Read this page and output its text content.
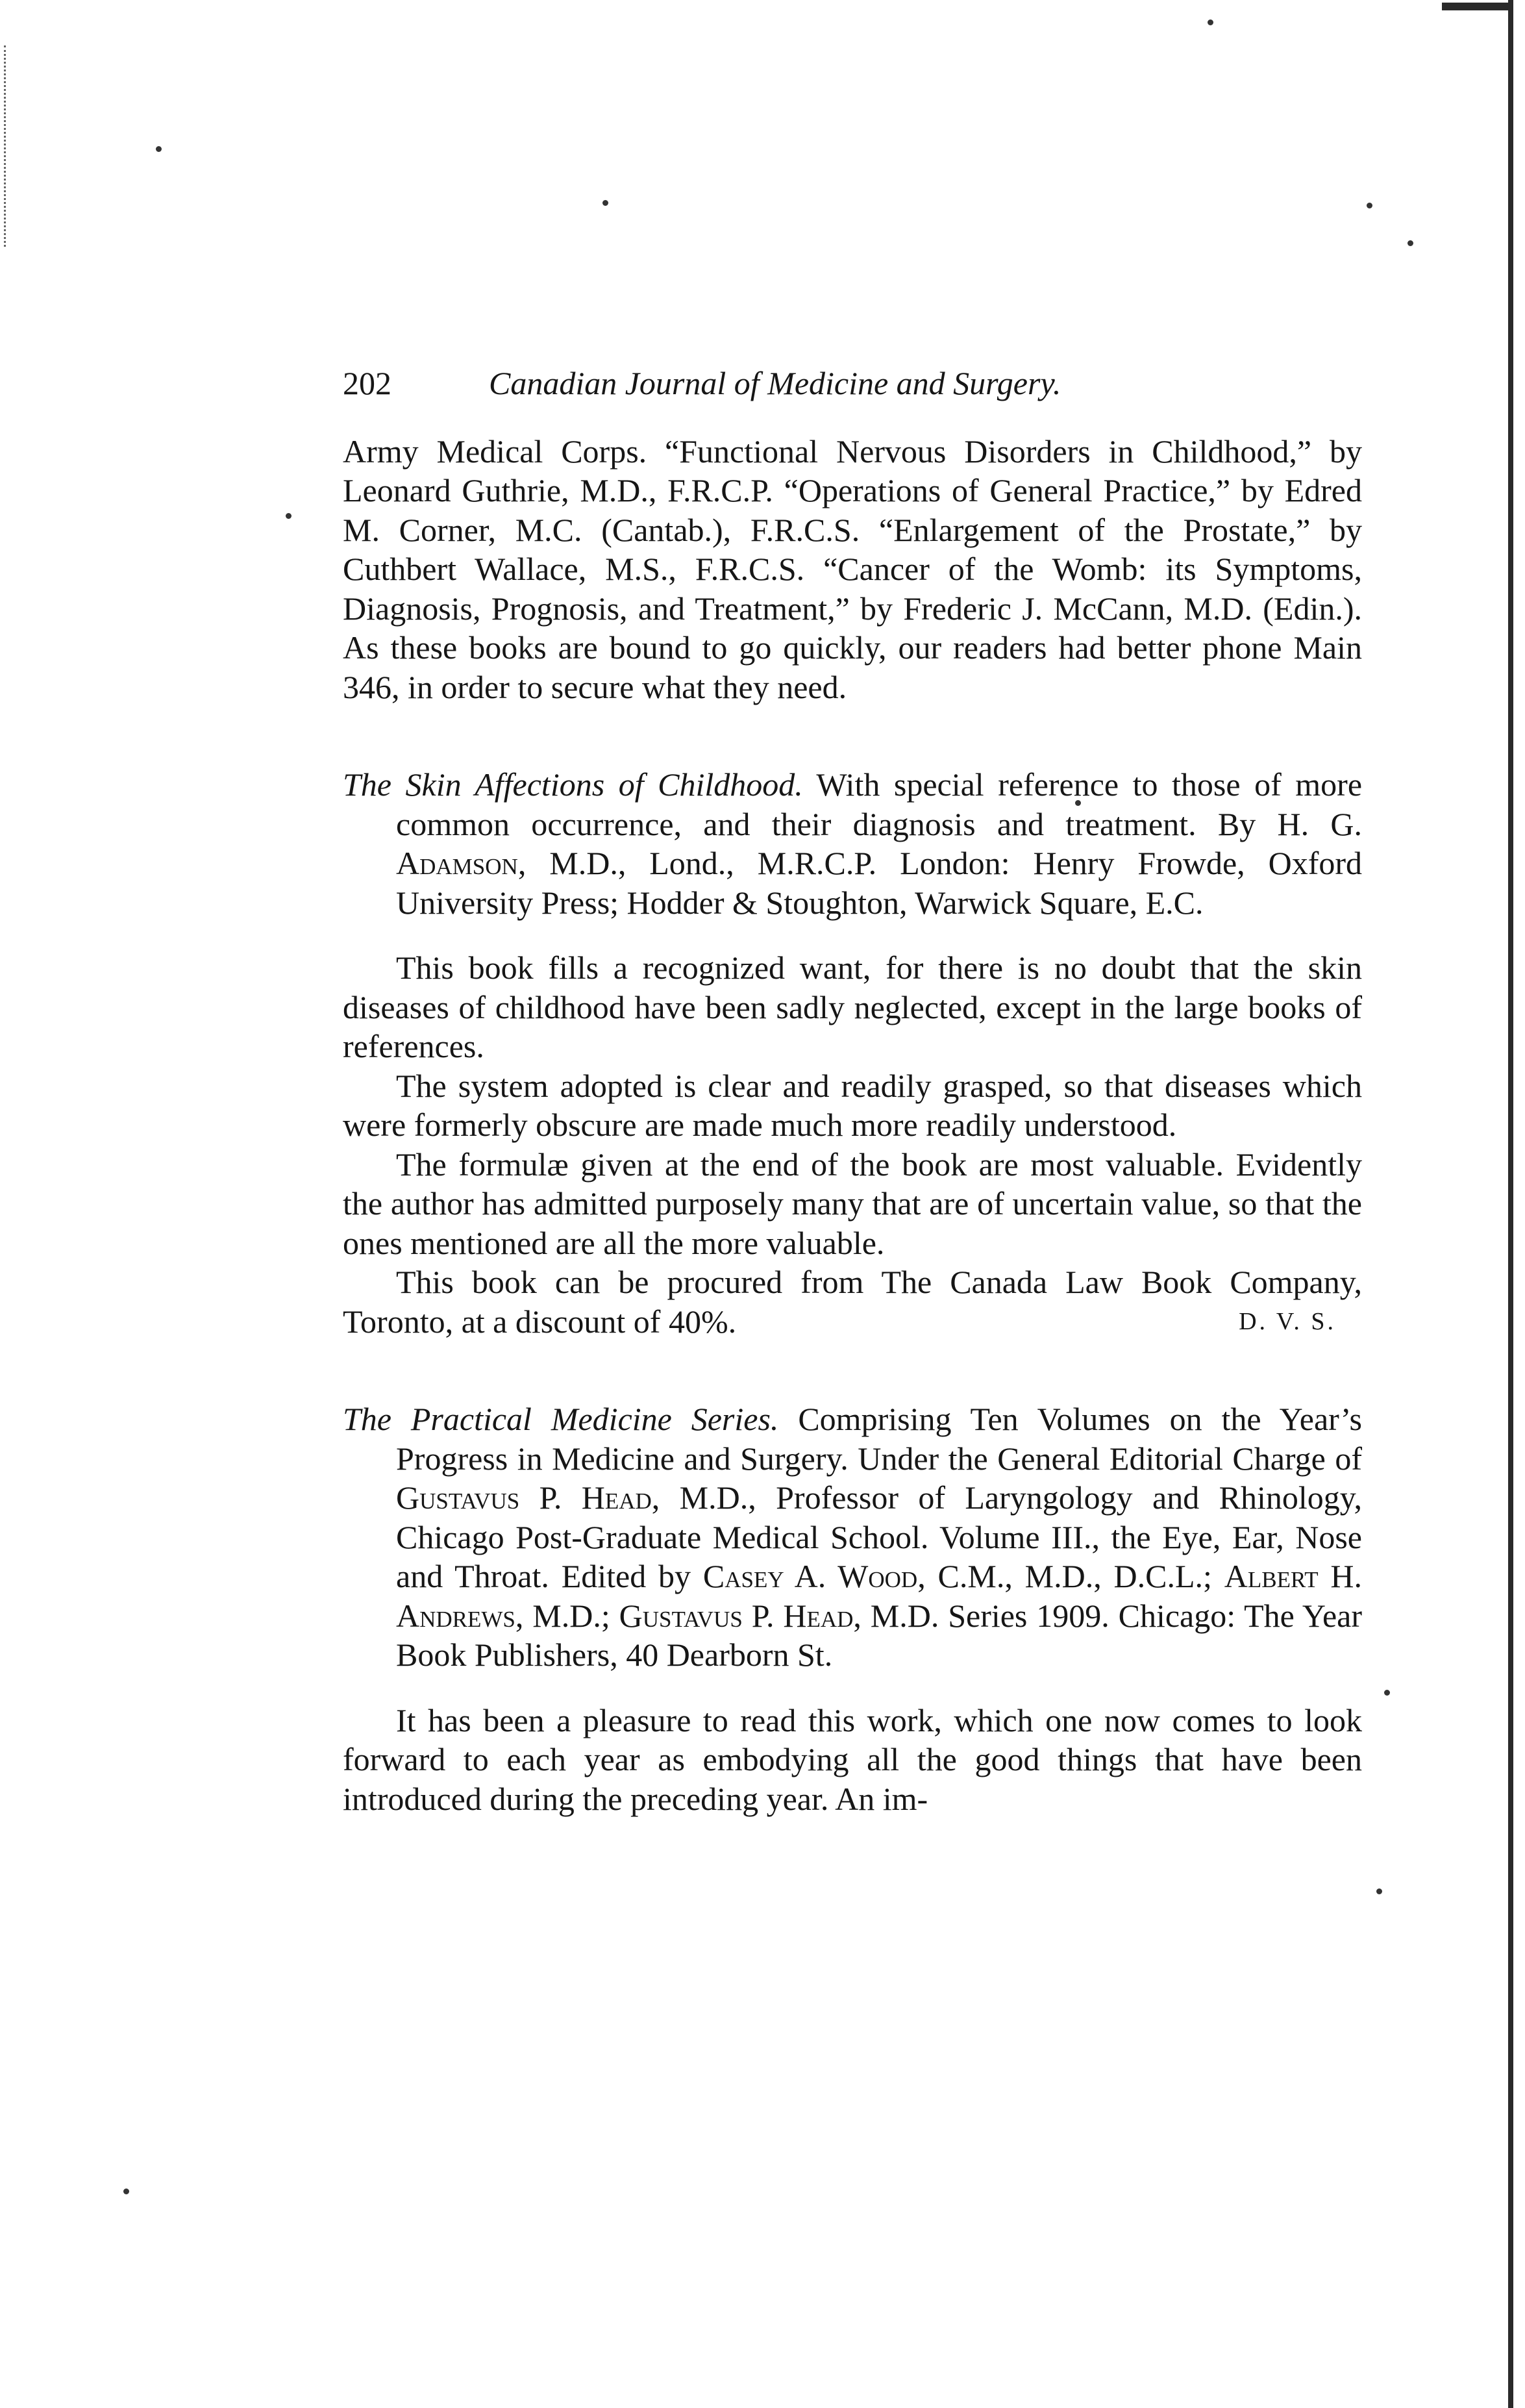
202	Canadian Journal of Medicine and Surgery.

Army Medical Corps. “Functional Nervous Disorders in Childhood,” by Leonard Guthrie, M.D., F.R.C.P. “Operations of General Practice,” by Edred M. Corner, M.C. (Cantab.), F.R.C.S. “Enlargement of the Prostate,” by Cuthbert Wallace, M.S., F.R.C.S. “Cancer of the Womb: its Symptoms, Diagnosis, Prognosis, and Treatment,” by Frederic J. McCann, M.D. (Edin.). As these books are bound to go quickly, our readers had better phone Main 346, in order to secure what they need.

The Skin Affections of Childhood. With special reference to those of more common occurrence, and their diagnosis and treatment. By H. G. Adamson, M.D., Lond., M.R.C.P. London: Henry Frowde, Oxford University Press; Hodder & Stoughton, Warwick Square, E.C.

This book fills a recognized want, for there is no doubt that the skin diseases of childhood have been sadly neglected, except in the large books of references.

The system adopted is clear and readily grasped, so that diseases which were formerly obscure are made much more readily understood.

The formulæ given at the end of the book are most valuable. Evidently the author has admitted purposely many that are of uncertain value, so that the ones mentioned are all the more valuable.

This book can be procured from The Canada Law Book Company, Toronto, at a discount of 40%.	D. V. S.

The Practical Medicine Series. Comprising Ten Volumes on the Year’s Progress in Medicine and Surgery. Under the General Editorial Charge of Gustavus P. Head, M.D., Professor of Laryngology and Rhinology, Chicago Post-Graduate Medical School. Volume III., the Eye, Ear, Nose and Throat. Edited by Casey A. Wood, C.M., M.D., D.C.L.; Albert H. Andrews, M.D.; Gustavus P. Head, M.D. Series 1909. Chicago: The Year Book Publishers, 40 Dearborn St.

It has been a pleasure to read this work, which one now comes to look forward to each year as embodying all the good things that have been introduced during the preceding year. An im-
